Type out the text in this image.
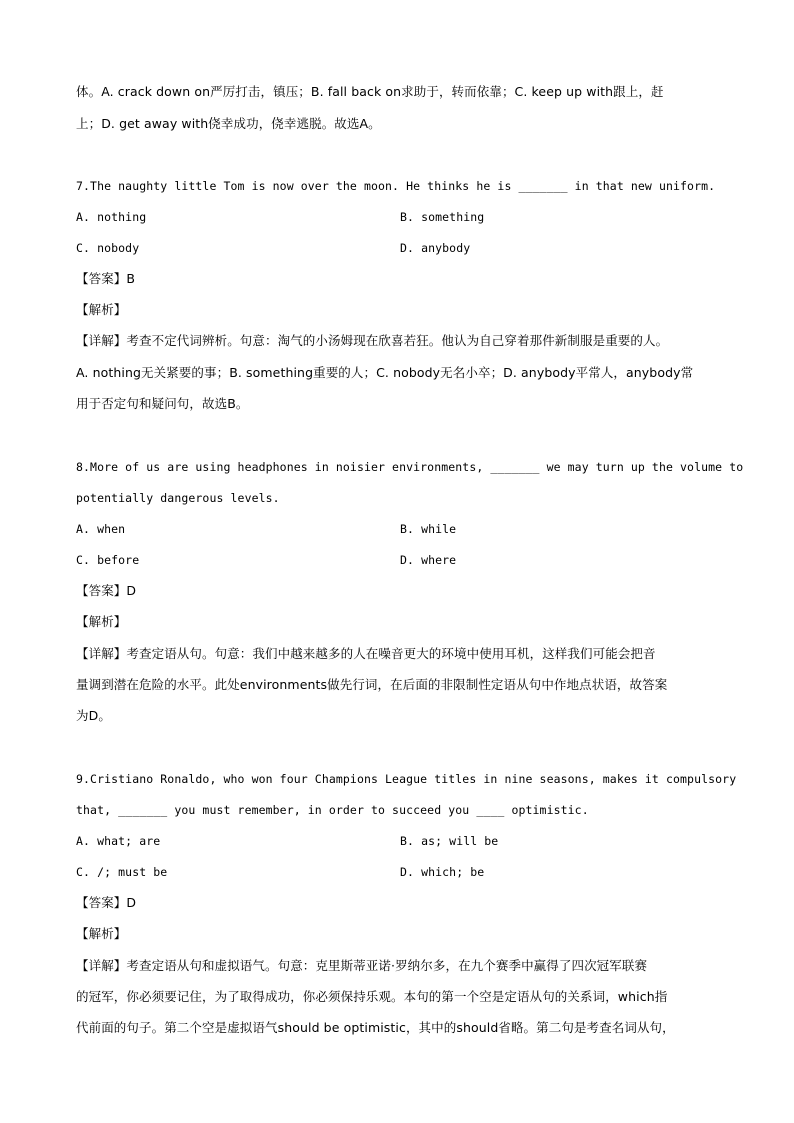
体。A. crack down on严厉打击，镇压；B. fall back on求助于，转而依靠；C. keep up with跟上，赶
上；D. get away with侥幸成功，侥幸逃脱。故选A。
7.The naughty little Tom is now over the moon. He thinks he is _______ in that new uniform.
A. nothing	B. something
C. nobody	D. anybody
【答案】B
【解析】
【详解】考查不定代词辨析。句意：淘气的小汤姆现在欣喜若狂。他认为自己穿着那件新制服是重要的人。
A. nothing无关紧要的事；B. something重要的人；C. nobody无名小卒；D. anybody平常人，anybody常
用于否定句和疑问句，故选B。
8.More of us are using headphones in noisier environments, _______ we may turn up the volume to
potentially dangerous levels.
A. when	B. while
C. before	D. where
【答案】D
【解析】
【详解】考查定语从句。句意：我们中越来越多的人在噪音更大的环境中使用耳机，这样我们可能会把音
量调到潜在危险的水平。此处environments做先行词，在后面的非限制性定语从句中作地点状语，故答案
为D。
9.Cristiano Ronaldo, who won four Champions League titles in nine seasons, makes it compulsory
that, _______ you must remember, in order to succeed you ____ optimistic.
A. what; are	B. as; will be
C. /; must be	D. which; be
【答案】D
【解析】
【详解】考查定语从句和虚拟语气。句意：克里斯蒂亚诺·罗纳尔多，在九个赛季中赢得了四次冠军联赛
的冠军，你必须要记住，为了取得成功，你必须保持乐观。本句的第一个空是定语从句的关系词，which指
代前面的句子。第二个空是虚拟语气should be optimistic，其中的should省略。第二句是考查名词从句，
